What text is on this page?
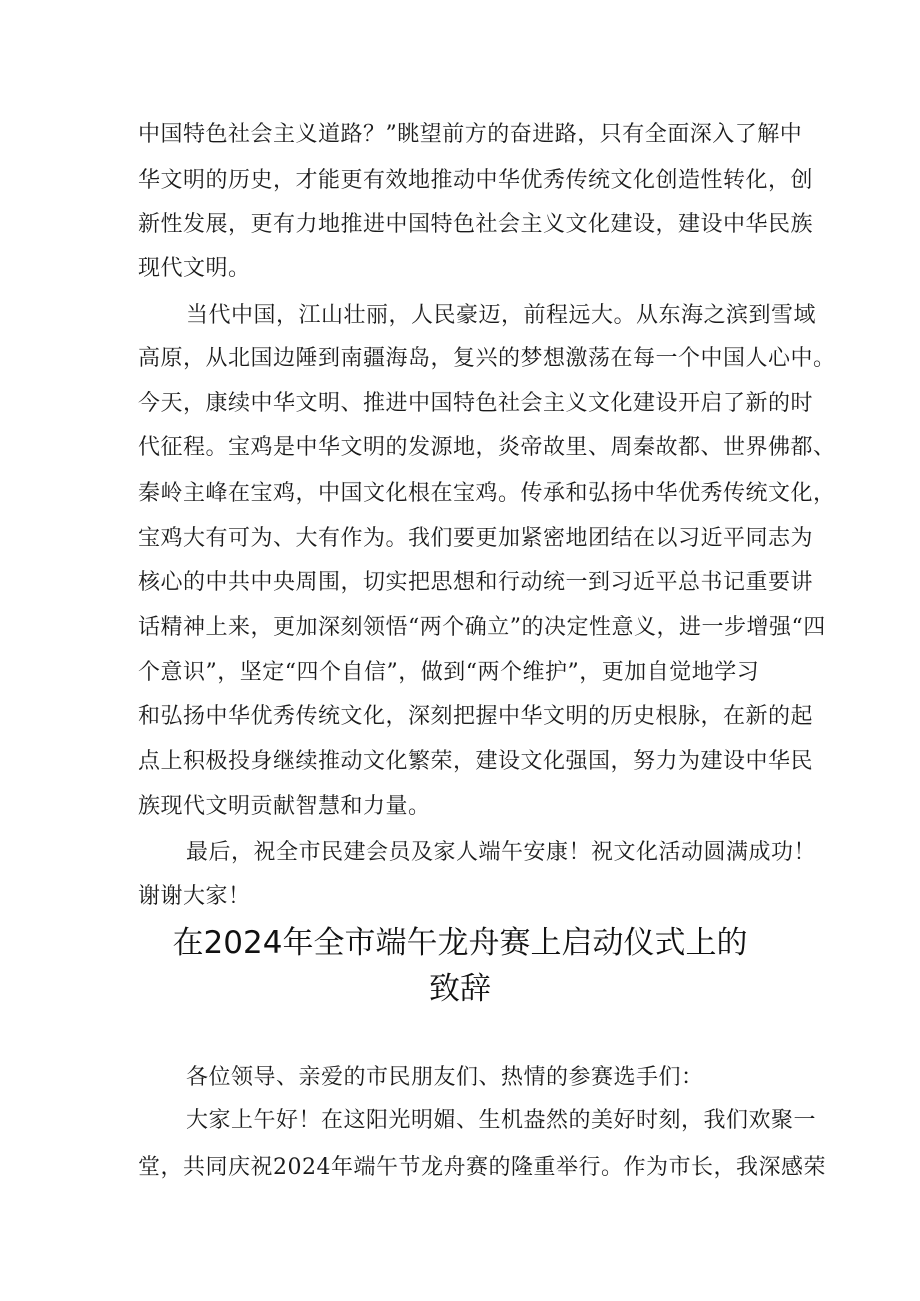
中国特色社会主义道路？”眺望前方的奋进路，只有全面深入了解中
华文明的历史，才能更有效地推动中华优秀传统文化创造性转化，创
新性发展，更有力地推进中国特色社会主义文化建设，建设中华民族
现代文明。
当代中国，江山壮丽，人民豪迈，前程远大。从东海之滨到雪域
高原，从北国边陲到南疆海岛，复兴的梦想激荡在每一个中国人心中。
今天，康续中华文明、推进中国特色社会主义文化建设开启了新的时
代征程。宝鸡是中华文明的发源地，炎帝故里、周秦故都、世界佛都、
秦岭主峰在宝鸡，中国文化根在宝鸡。传承和弘扬中华优秀传统文化，
宝鸡大有可为、大有作为。我们要更加紧密地团结在以习近平同志为
核心的中共中央周围，切实把思想和行动统一到习近平总书记重要讲
话精神上来，更加深刻领悟“两个确立”的决定性意义，进一步增强“四
个意识”，坚定“四个自信”，做到“两个维护”，更加自觉地学习
和弘扬中华优秀传统文化，深刻把握中华文明的历史根脉，在新的起
点上积极投身继续推动文化繁荣，建设文化强国，努力为建设中华民
族现代文明贡献智慧和力量。
最后，祝全市民建会员及家人端午安康！祝文化活动圆满成功！
谢谢大家！
在2024年全市端午龙舟赛上启动仪式上的
致辞
各位领导、亲爱的市民朋友们、热情的参赛选手们：
大家上午好！在这阳光明媚、生机盎然的美好时刻，我们欢聚一
堂，共同庆祝2024年端午节龙舟赛的隆重举行。作为市长，我深感荣
